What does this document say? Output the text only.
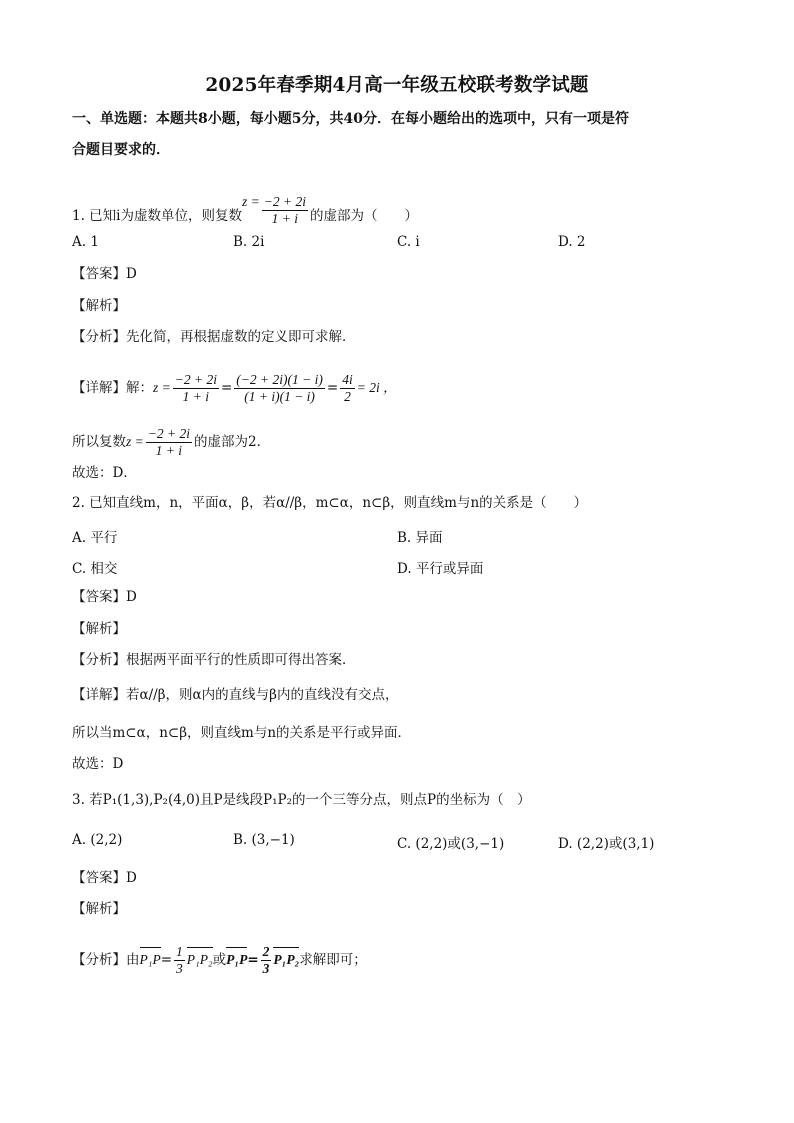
2025年春季期4月高一年级五校联考数学试题
一、单选题：本题共8小题，每小题5分，共40分．在每小题给出的选项中，只有一项是符
合题目要求的．
1. 已知i为虚数单位，则复数$z = \frac{-2 + 2i}{1 + i}$ 的虚部为（　　）
A. 1	B. 2i	C. i	D. 2
【答案】D
【解析】
【分析】先化简，再根据虚数的定义即可求解．
【详解】解：$z = \frac{-2 + 2i}{1 + i} = \frac{(-2 + 2i)(1 - i)}{(1 + i)(1 - i)} = \frac{4i}{2} = 2i$ ，
所以复数$z = \frac{-2 + 2i}{1 + i}$ 的虚部为2．
故选：D．
2. 已知直线m，n，平面α，β，若α//β，m⊂α，n⊂β，则直线m与n的关系是（　　）
A. 平行	B. 异面
C. 相交	D. 平行或异面
【答案】D
【解析】
【分析】根据两平面平行的性质即可得出答案．
【详解】若α//β，则α内的直线与β内的直线没有交点，
所以当m⊂α，n⊂β，则直线m与n的关系是平行或异面．
故选：D
3. 若P₁(1,3),P₂(4,0)且P是线段P₁P₂的一个三等分点，则点P的坐标为（　）
A. (2,2)	B. (3,−1)	C. (2,2)或(3,−1)	D. (2,2)或(3,1)
【答案】D
【解析】
【分析】由$P_1P= \frac{1}{3} P_1P_2$或$P_1P= \frac{2}{3} P_1P_2$求解即可；
